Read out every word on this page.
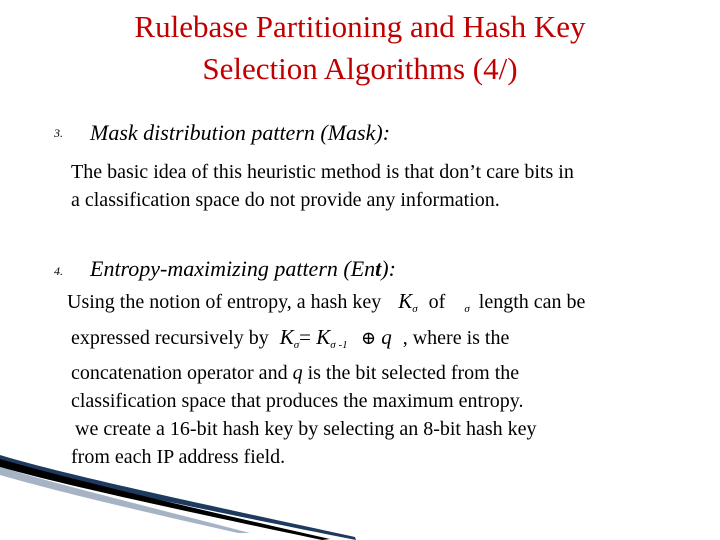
Rulebase Partitioning and Hash Key
Selection Algorithms (4/)
3. Mask distribution pattern (Mask):
The basic idea of this heuristic method is that don’t care bits in
a classification space do not provide any information.
4. Entropy-maximizing pattern (Ent):
Using the notion of entropy, a hash key $K_\sigma$ of $_\sigma$ length can be
expressed recursively by $K_\sigma= K_{\sigma -1}$ ⊕ q , where is the
concatenation operator and q is the bit selected from the
classification space that produces the maximum entropy.
we create a 16-bit hash key by selecting an 8-bit hash key
from each IP address field.
